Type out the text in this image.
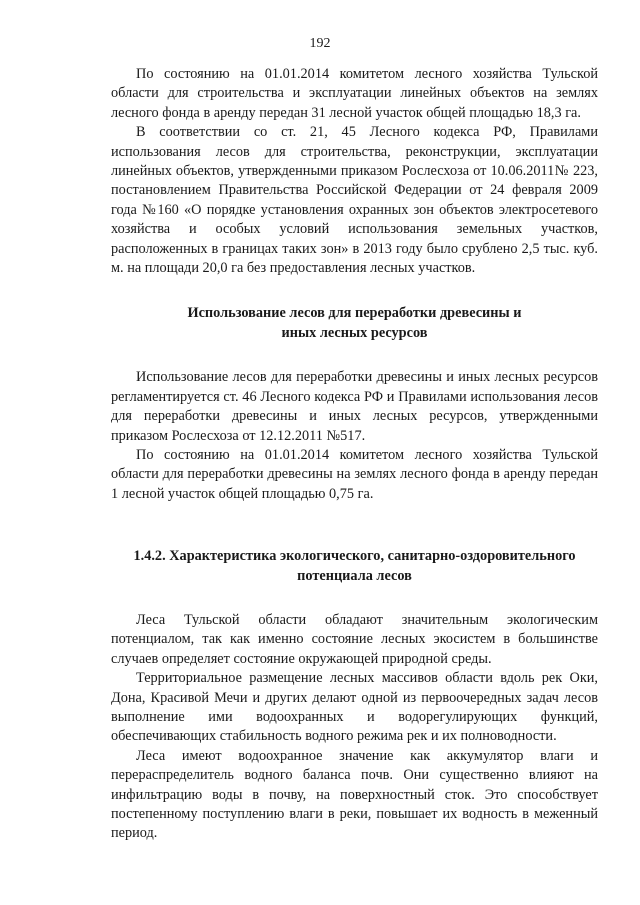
192

По состоянию на 01.01.2014 комитетом лесного хозяйства Тульской области для строительства и эксплуатации линейных объектов на землях лесного фонда в аренду передан 31 лесной участок общей площадью 18,3 га.

В соответствии со ст. 21, 45 Лесного кодекса РФ, Правилами использования лесов для строительства, реконструкции, эксплуатации линейных объектов, утвержденными приказом Рослесхоза от 10.06.2011№ 223, постановлением Правительства Российской Федерации от 24 февраля 2009 года №160 «О порядке установления охранных зон объектов электросетевого хозяйства и особых условий использования земельных участков, расположенных в границах таких зон» в 2013 году было срублено 2,5 тыс. куб. м. на площади 20,0 га без предоставления лесных участков.

Использование лесов для переработки древесины и
иных лесных ресурсов

Использование лесов для переработки древесины и иных лесных ресурсов регламентируется ст. 46 Лесного кодекса РФ и Правилами использования лесов для переработки древесины и иных лесных ресурсов, утвержденными приказом Рослесхоза от 12.12.2011 №517.

По состоянию на 01.01.2014 комитетом лесного хозяйства Тульской области для переработки древесины на землях лесного фонда в аренду передан 1 лесной участок общей площадью 0,75 га.

1.4.2. Характеристика экологического, санитарно-оздоровительного
потенциала лесов

Леса Тульской области обладают значительным экологическим потенциалом, так как именно состояние лесных экосистем в большинстве случаев определяет состояние окружающей природной среды.

Территориальное размещение лесных массивов области вдоль рек Оки, Дона, Красивой Мечи и других делают одной из первоочередных задач лесов выполнение ими водоохранных и водорегулирующих функций, обеспечивающих стабильность водного режима рек и их полноводности.

Леса имеют водоохранное значение как аккумулятор влаги и перераспределитель водного баланса почв. Они существенно влияют на инфильтрацию воды в почву, на поверхностный сток. Это способствует постепенному поступлению влаги в реки, повышает их водность в меженный период.
